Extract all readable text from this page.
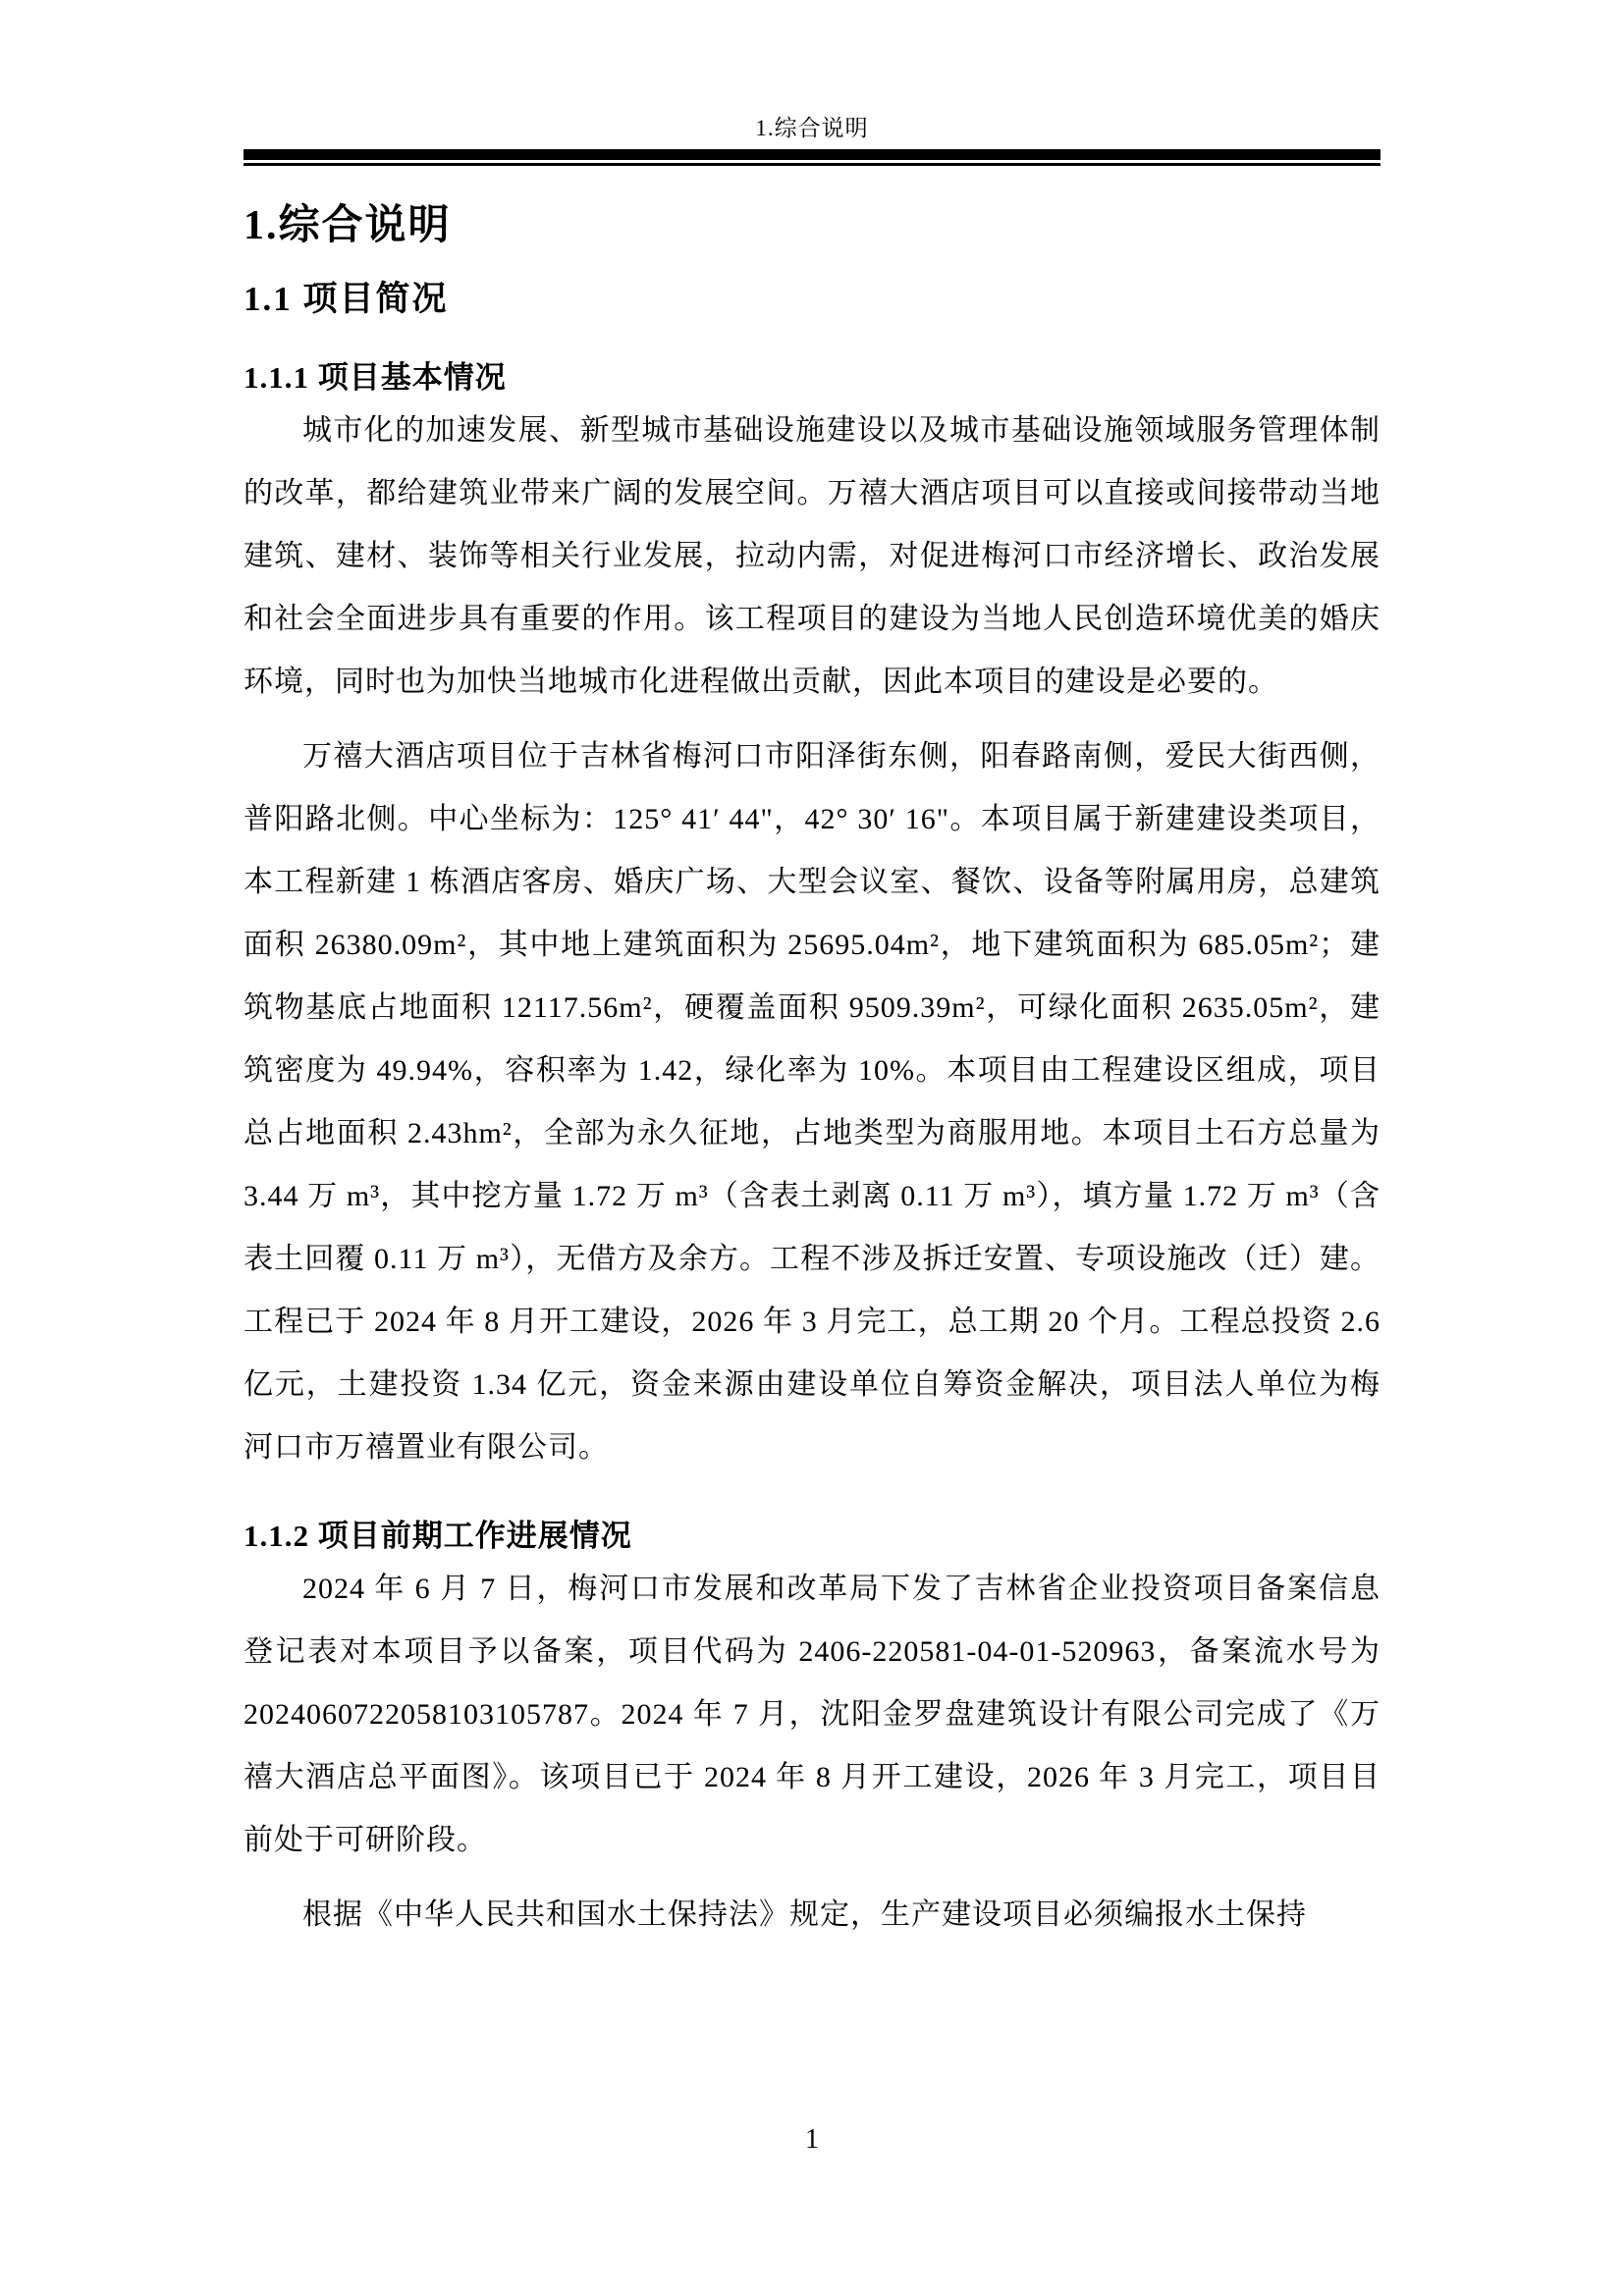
1.综合说明
1.综合说明
1.1 项目简况
1.1.1 项目基本情况

城市化的加速发展、新型城市基础设施建设以及城市基础设施领域服务管理体制的改革，都给建筑业带来广阔的发展空间。万禧大酒店项目可以直接或间接带动当地建筑、建材、装饰等相关行业发展，拉动内需，对促进梅河口市经济增长、政治发展和社会全面进步具有重要的作用。该工程项目的建设为当地人民创造环境优美的婚庆环境，同时也为加快当地城市化进程做出贡献，因此本项目的建设是必要的。

万禧大酒店项目位于吉林省梅河口市阳泽街东侧，阳春路南侧，爱民大街西侧，普阳路北侧。中心坐标为：125° 41′ 44"，42° 30′ 16"。本项目属于新建建设类项目，本工程新建 1 栋酒店客房、婚庆广场、大型会议室、餐饮、设备等附属用房，总建筑面积 26380.09m²，其中地上建筑面积为 25695.04m²，地下建筑面积为 685.05m²；建筑物基底占地面积 12117.56m²，硬覆盖面积 9509.39m²，可绿化面积 2635.05m²，建筑密度为 49.94%，容积率为 1.42，绿化率为 10%。本项目由工程建设区组成，项目总占地面积 2.43hm²，全部为永久征地，占地类型为商服用地。本项目土石方总量为 3.44 万 m³，其中挖方量 1.72 万 m³（含表土剥离 0.11 万 m³），填方量 1.72 万 m³（含表土回覆 0.11 万 m³），无借方及余方。工程不涉及拆迁安置、专项设施改（迁）建。工程已于 2024 年 8 月开工建设，2026 年 3 月完工，总工期 20 个月。工程总投资 2.6 亿元，土建投资 1.34 亿元，资金来源由建设单位自筹资金解决，项目法人单位为梅河口市万禧置业有限公司。

1.1.2 项目前期工作进展情况

2024 年 6 月 7 日，梅河口市发展和改革局下发了吉林省企业投资项目备案信息登记表对本项目予以备案，项目代码为 2406-220581-04-01-520963，备案流水号为 2024060722058103105787。2024 年 7 月，沈阳金罗盘建筑设计有限公司完成了《万禧大酒店总平面图》。该项目已于 2024 年 8 月开工建设，2026 年 3 月完工，项目目前处于可研阶段。

根据《中华人民共和国水土保持法》规定，生产建设项目必须编报水土保持

1
